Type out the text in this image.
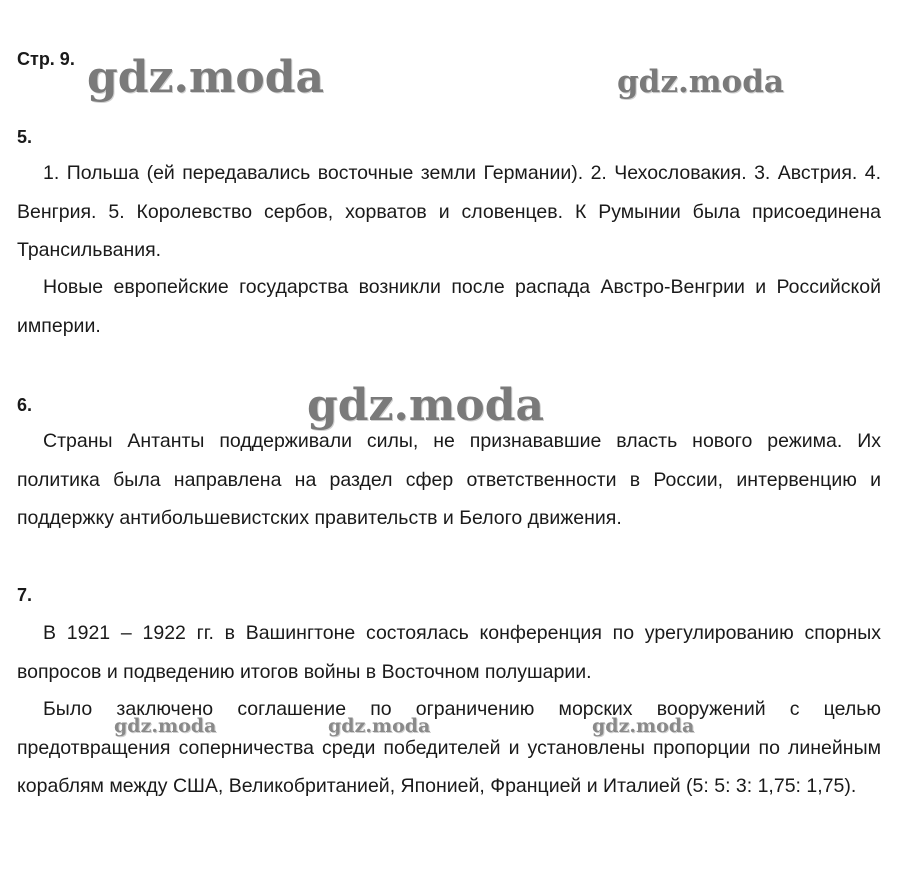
Стр. 9.
5.

1. Польша (ей передавались восточные земли Германии). 2. Чехословакия. 3. Австрия. 4. Венгрия. 5. Королевство сербов, хорватов и словенцев. К Румынии была присоединена Трансильвания.

Новые европейские государства возникли после распада Австро-Венгрии и Российской империи.

6.

Страны Антанты поддерживали силы, не признававшие власть нового режима. Их политика была направлена на раздел сфер ответственности в России, интервенцию и поддержку антибольшевистских правительств и Белого движения.

7.

В 1921 – 1922 гг. в Вашингтоне состоялась конференция по урегулированию спорных вопросов и подведению итогов войны в Восточном полушарии.

Было заключено соглашение по ограничению морских вооружений с целью предотвращения соперничества среди победителей и установлены пропорции по линейным кораблям между США, Великобританией, Японией, Францией и Италией (5: 5: 3: 1,75: 1,75).

gdz.moda	gdz.moda
gdz.moda
gdz.moda	gdz.moda	gdz.moda
